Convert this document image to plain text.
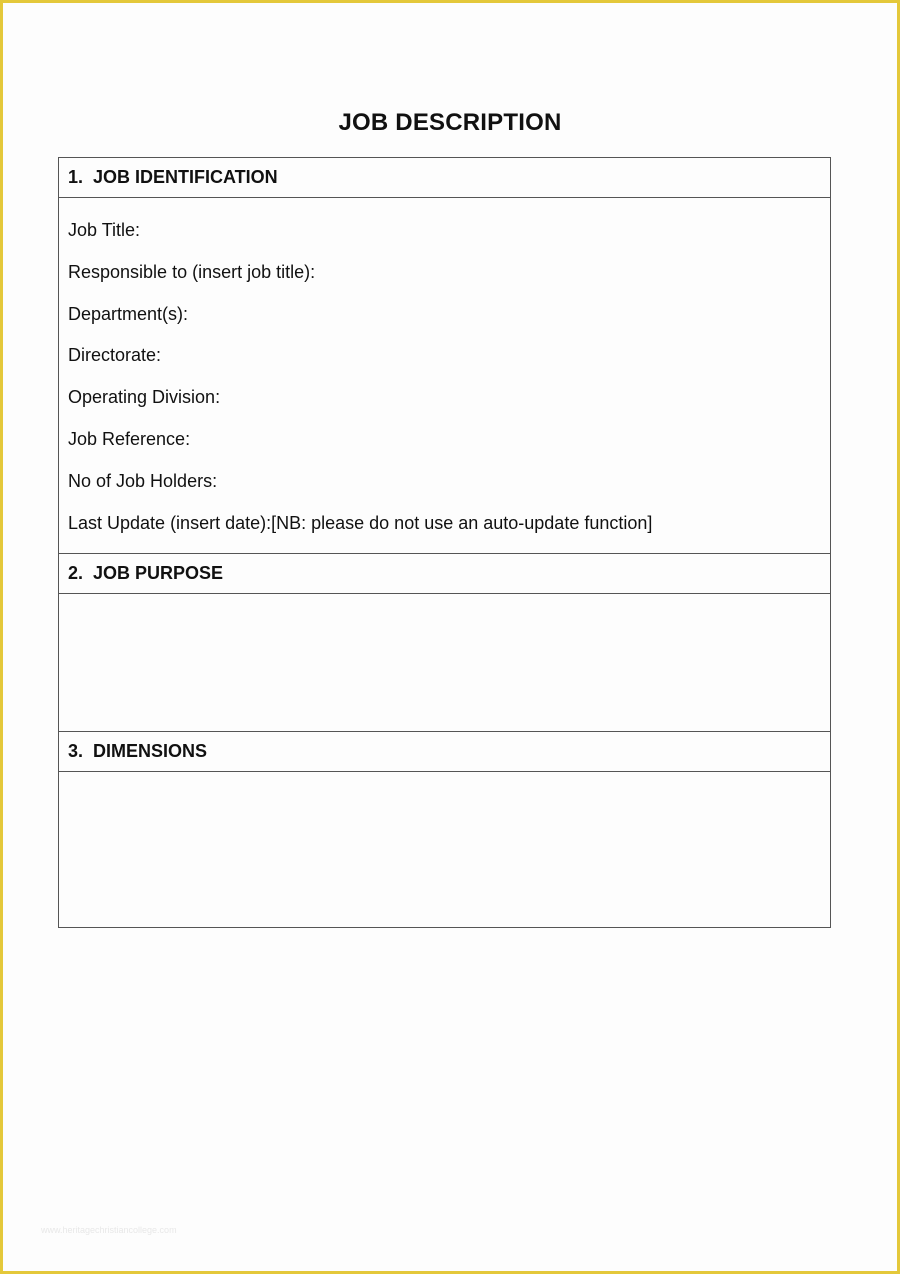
JOB DESCRIPTION
1. JOB IDENTIFICATION
Job Title:
Responsible to (insert job title):
Department(s):
Directorate:
Operating Division:
Job Reference:
No of Job Holders:
Last Update (insert date):[NB: please do not use an auto-update function]
2. JOB PURPOSE
3. DIMENSIONS
www.heritagechristiancollege.com
